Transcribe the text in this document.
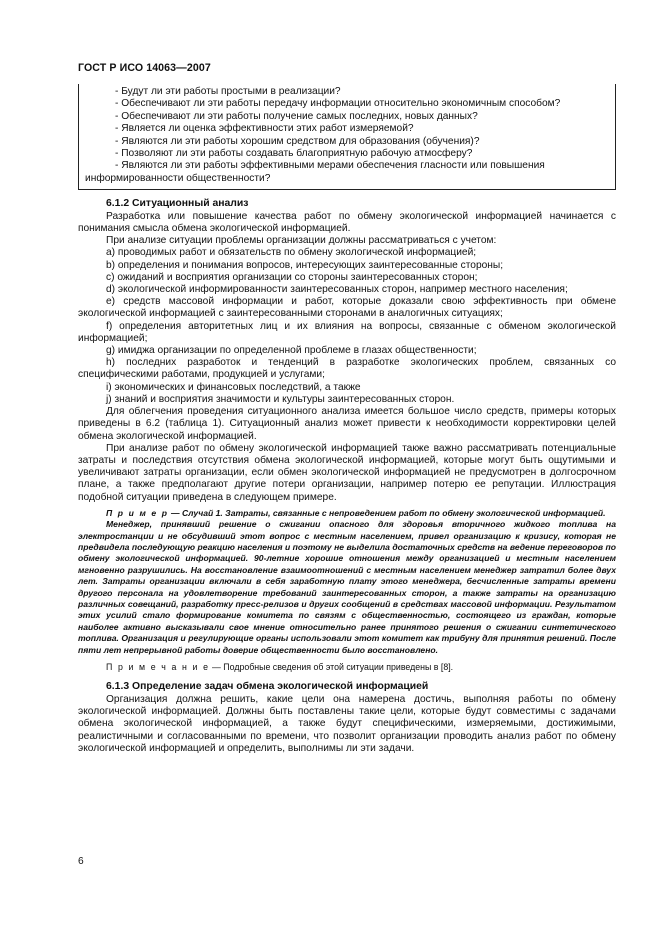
ГОСТ Р ИСО 14063—2007
- Будут ли эти работы простыми в реализации?
- Обеспечивают ли эти работы передачу информации относительно экономичным способом?
- Обеспечивают ли эти работы получение самых последних, новых данных?
- Является ли оценка эффективности этих работ измеряемой?
- Являются ли эти работы хорошим средством для образования (обучения)?
- Позволяют ли эти работы создавать благоприятную рабочую атмосферу?
- Являются ли эти работы эффективными мерами обеспечения гласности или повышения
информированности общественности?
6.1.2 Ситуационный анализ

Разработка или повышение качества работ по обмену экологической информацией начинается с понимания смысла обмена экологической информацией.

При анализе ситуации проблемы организации должны рассматриваться с учетом:

а) проводимых работ и обязательств по обмену экологической информацией;

b) определения и понимания вопросов, интересующих заинтересованные стороны;

с) ожиданий и восприятия организации со стороны заинтересованных сторон;

d) экологической информированности заинтересованных сторон, например местного населения;

е) средств массовой информации и работ, которые доказали свою эффективность при обмене экологической информацией с заинтересованными сторонами в аналогичных ситуациях;

f) определения авторитетных лиц и их влияния на вопросы, связанные с обменом экологической информацией;

g) имиджа организации по определенной проблеме в глазах общественности;

h) последних разработок и тенденций в разработке экологических проблем, связанных со специфическими работами, продукцией и услугами;

i) экономических и финансовых последствий, а также

j) знаний и восприятия значимости и культуры заинтересованных сторон.

Для облегчения проведения ситуационного анализа имеется большое число средств, примеры которых приведены в 6.2 (таблица 1). Ситуационный анализ может привести к необходимости корректировки целей обмена экологической информацией.

При анализе работ по обмену экологической информацией также важно рассматривать потенциальные затраты и последствия отсутствия обмена экологической информацией, которые могут быть ощутимыми и увеличивают затраты организации, если обмен экологической информацией не предусмотрен в долгосрочном плане, а также предполагают другие потери организации, например потерю ее репутации. Иллюстрация подобной ситуации приведена в следующем примере.

П р и м е р — Случай 1. Затраты, связанные с непроведением работ по обмену экологической информацией.

Менеджер, принявший решение о сжигании опасного для здоровья вторичного жидкого топлива на электростанции и не обсудивший этот вопрос с местным населением, привел организацию к кризису, которая не предвидела последующую реакцию населения и поэтому не выделила достаточных средств на ведение переговоров по обмену экологической информацией. 90-летние хорошие отношения между организацией и местным населением мгновенно разрушились. На восстановление взаимоотношений с местным населением менеджер затратил более двух лет. Затраты организации включали в себя заработную плату этого менеджера, бесчисленные затраты времени другого персонала на удовлетворение требований заинтересованных сторон, а также затраты на организацию различных совещаний, разработку пресс-релизов и других сообщений в средствах массовой информации. Результатом этих усилий стало формирование комитета по связям с общественностью, состоящего из граждан, которые наиболее активно высказывали свое мнение относительно ранее принятого решения о сжигании синтетического топлива. Организация и регулирующие органы использовали этот комитет как трибуну для принятия решений. После пяти лет непрерывной работы доверие общественности было восстановлено.

П р и м е ч а н и е — Подробные сведения об этой ситуации приведены в [8].

6.1.3 Определение задач обмена экологической информацией

Организация должна решить, какие цели она намерена достичь, выполняя работы по обмену экологической информацией. Должны быть поставлены такие цели, которые будут совместимы с задачами обмена экологической информацией, а также будут специфическими, измеряемыми, достижимыми, реалистичными и согласованными по времени, что позволит организации проводить анализ работ по обмену экологической информацией и определить, выполнимы ли эти задачи.

6
